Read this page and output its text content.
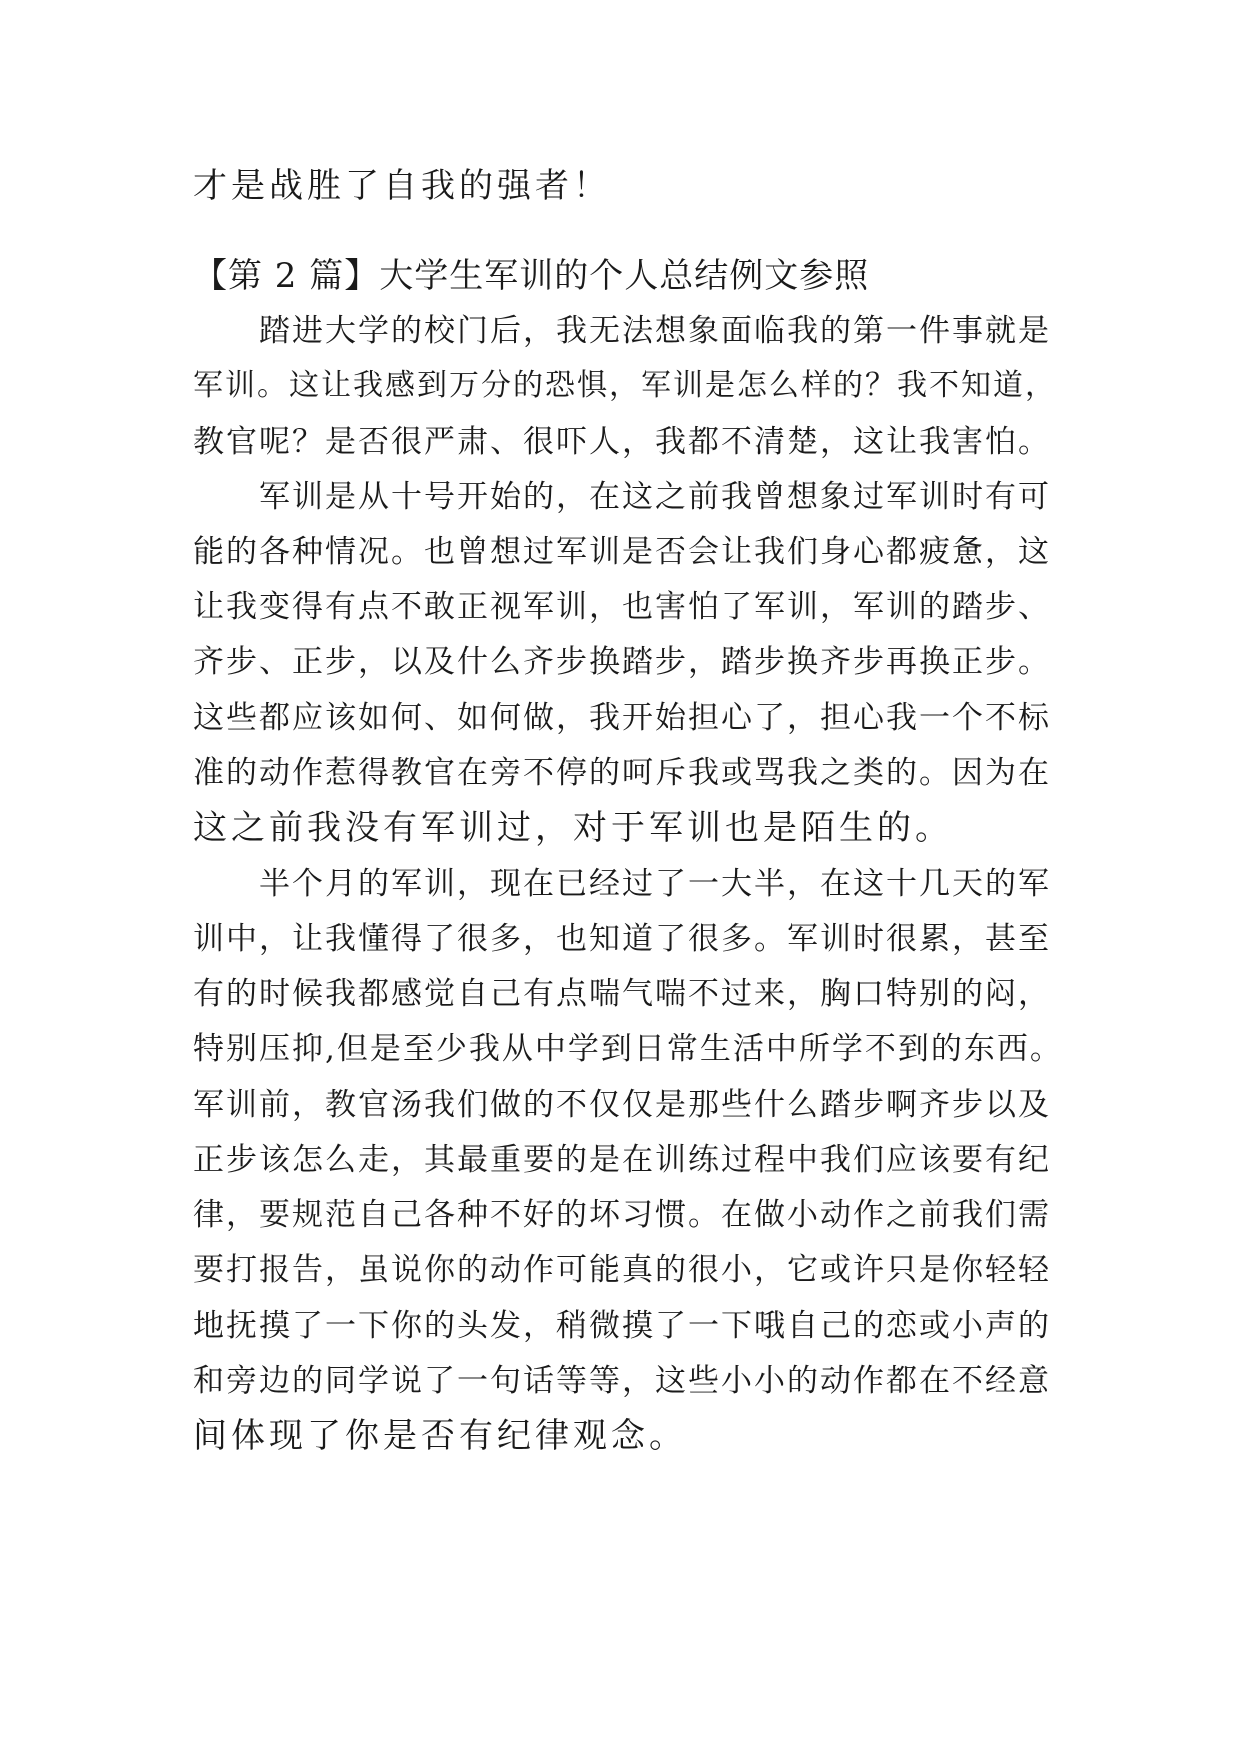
才是战胜了自我的强者！
【第 2 篇】大学生军训的个人总结例文参照
踏进大学的校门后，我无法想象面临我的第一件事就是
军训。这让我感到万分的恐惧，军训是怎么样的？我不知道，
教官呢？是否很严肃、很吓人，我都不清楚，这让我害怕。
军训是从十号开始的，在这之前我曾想象过军训时有可
能的各种情况。也曾想过军训是否会让我们身心都疲惫，这
让我变得有点不敢正视军训，也害怕了军训，军训的踏步、
齐步、正步，以及什么齐步换踏步，踏步换齐步再换正步。
这些都应该如何、如何做，我开始担心了，担心我一个不标
准的动作惹得教官在旁不停的呵斥我或骂我之类的。因为在
这之前我没有军训过，对于军训也是陌生的。
半个月的军训，现在已经过了一大半，在这十几天的军
训中，让我懂得了很多，也知道了很多。军训时很累，甚至
有的时候我都感觉自己有点喘气喘不过来，胸口特别的闷，
特别压抑,但是至少我从中学到日常生活中所学不到的东西。
军训前，教官汤我们做的不仅仅是那些什么踏步啊齐步以及
正步该怎么走，其最重要的是在训练过程中我们应该要有纪
律，要规范自己各种不好的坏习惯。在做小动作之前我们需
要打报告，虽说你的动作可能真的很小，它或许只是你轻轻
地抚摸了一下你的头发，稍微摸了一下哦自己的恋或小声的
和旁边的同学说了一句话等等，这些小小的动作都在不经意
间体现了你是否有纪律观念。
